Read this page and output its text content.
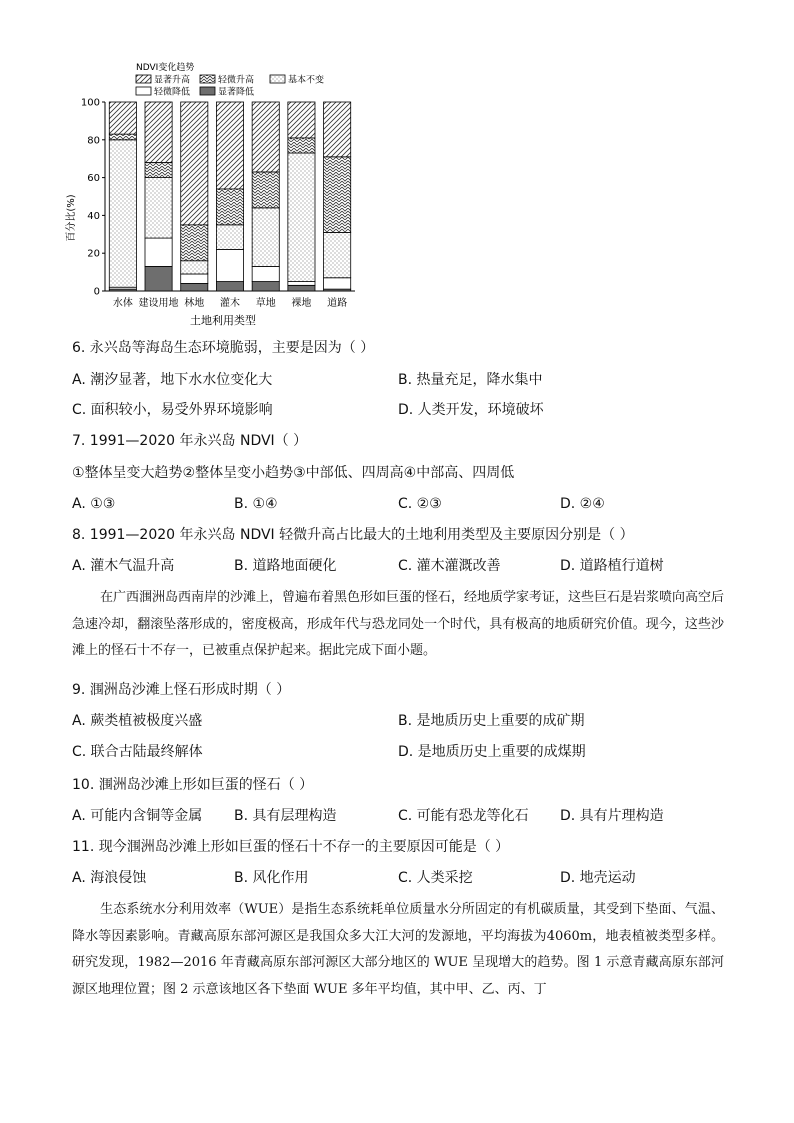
NDVI变化趋势
显著升高	轻微升高	基本不变
轻微降低	显著降低
0
20
40
60
80
100
水体 建设用地 林地 灌木 草地 裸地 道路
百分比(%)
土地利用类型
6. 永兴岛等海岛生态环境脆弱，主要是因为（ ）
A. 潮汐显著，地下水水位变化大	B. 热量充足，降水集中
C. 面积较小，易受外界环境影响	D. 人类开发，环境破坏
7. 1991—2020 年永兴岛 NDVI（ ）
①整体呈变大趋势②整体呈变小趋势③中部低、四周高④中部高、四周低
A. ①③	B. ①④	C. ②③	D. ②④
8. 1991—2020 年永兴岛 NDVI 轻微升高占比最大的土地利用类型及主要原因分别是（ ）
A. 灌木气温升高	B. 道路地面硬化	C. 灌木灌溉改善	D. 道路植行道树
在广西涠洲岛西南岸的沙滩上，曾遍布着黑色形如巨蛋的怪石，经地质学家考证，这些巨石是岩浆喷向高空后急速冷却，翻滚坠落形成的，密度极高，形成年代与恐龙同处一个时代，具有极高的地质研究价值。现今，这些沙滩上的怪石十不存一，已被重点保护起来。据此完成下面小题。
9. 涠洲岛沙滩上怪石形成时期（ ）
A. 蕨类植被极度兴盛	B. 是地质历史上重要的成矿期
C. 联合古陆最终解体	D. 是地质历史上重要的成煤期
10. 涠洲岛沙滩上形如巨蛋的怪石（ ）
A. 可能内含铜等金属 B. 具有层理构造	C. 可能有恐龙等化石 D. 具有片理构造
11. 现今涠洲岛沙滩上形如巨蛋的怪石十不存一的主要原因可能是（ ）
A. 海浪侵蚀	B. 风化作用	C. 人类采挖	D. 地壳运动
生态系统水分利用效率（WUE）是指生态系统耗单位质量水分所固定的有机碳质量，其受到下垫面、气温、降水等因素影响。青藏高原东部河源区是我国众多大江大河的发源地，平均海拔为4060m，地表植被类型多样。研究发现，1982—2016 年青藏高原东部河源区大部分地区的 WUE 呈现增大的趋势。图 1 示意青藏高原东部河源区地理位置；图 2 示意该地区各下垫面 WUE 多年平均值，其中甲、乙、丙、丁
